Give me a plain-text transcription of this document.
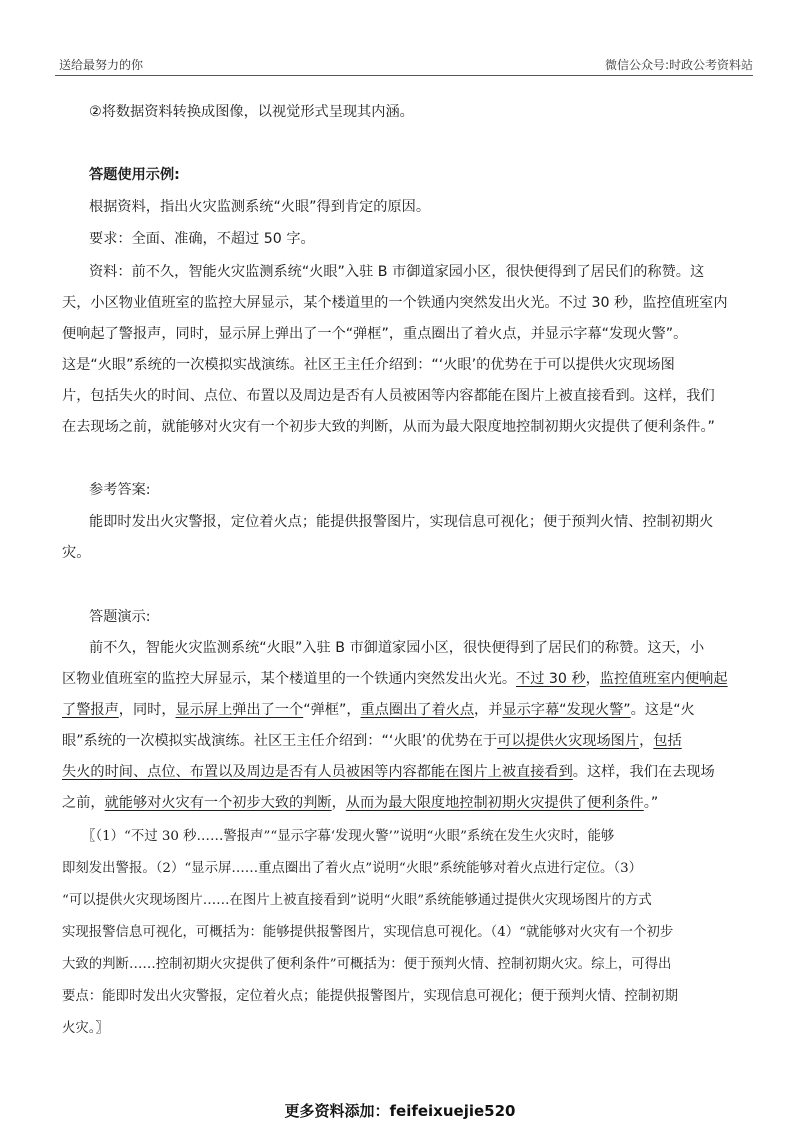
送给最努力的你	微信公众号:时政公考资料站
②将数据资料转换成图像，以视觉形式呈现其内涵。
答题使用示例:
根据资料，指出火灾监测系统“火眼”得到肯定的原因。
要求：全面、准确，不超过 50 字。
资料：前不久，智能火灾监测系统“火眼”入驻 B 市御道家园小区，很快便得到了居民们的称赞。这
天，小区物业值班室的监控大屏显示，某个楼道里的一个铁通内突然发出火光。不过 30 秒，监控值班室内
便响起了警报声，同时，显示屏上弹出了一个“弹框”，重点圈出了着火点，并显示字幕“发现火警”。
这是“火眼”系统的一次模拟实战演练。社区王主任介绍到：“‘火眼’的优势在于可以提供火灾现场图
片，包括失火的时间、点位、布置以及周边是否有人员被困等内容都能在图片上被直接看到。这样，我们
在去现场之前，就能够对火灾有一个初步大致的判断，从而为最大限度地控制初期火灾提供了便利条件。”
参考答案:
能即时发出火灾警报，定位着火点；能提供报警图片，实现信息可视化；便于预判火情、控制初期火
灾。
答题演示:
前不久，智能火灾监测系统“火眼”入驻 B 市御道家园小区，很快便得到了居民们的称赞。这天，小
区物业值班室的监控大屏显示，某个楼道里的一个铁通内突然发出火光。不过 30 秒，监控值班室内便响起
了警报声，同时，显示屏上弹出了一个“弹框”，重点圈出了着火点，并显示字幕“发现火警”。这是“火
眼”系统的一次模拟实战演练。社区王主任介绍到：“‘火眼’的优势在于可以提供火灾现场图片，包括
失火的时间、点位、布置以及周边是否有人员被困等内容都能在图片上被直接看到。这样，我们在去现场
之前，就能够对火灾有一个初步大致的判断，从而为最大限度地控制初期火灾提供了便利条件。”
〖（1）“不过 30 秒……警报声”“显示字幕‘发现火警’”说明“火眼”系统在发生火灾时，能够
即刻发出警报。（2）“显示屏……重点圈出了着火点”说明“火眼”系统能够对着火点进行定位。（3）
“可以提供火灾现场图片……在图片上被直接看到”说明“火眼”系统能够通过提供火灾现场图片的方式
实现报警信息可视化，可概括为：能够提供报警图片，实现信息可视化。（4）“就能够对火灾有一个初步
大致的判断……控制初期火灾提供了便利条件”可概括为：便于预判火情、控制初期火灾。综上，可得出
要点：能即时发出火灾警报，定位着火点；能提供报警图片，实现信息可视化；便于预判火情、控制初期
火灾。〗
更多资料添加：feifeixuejie520
